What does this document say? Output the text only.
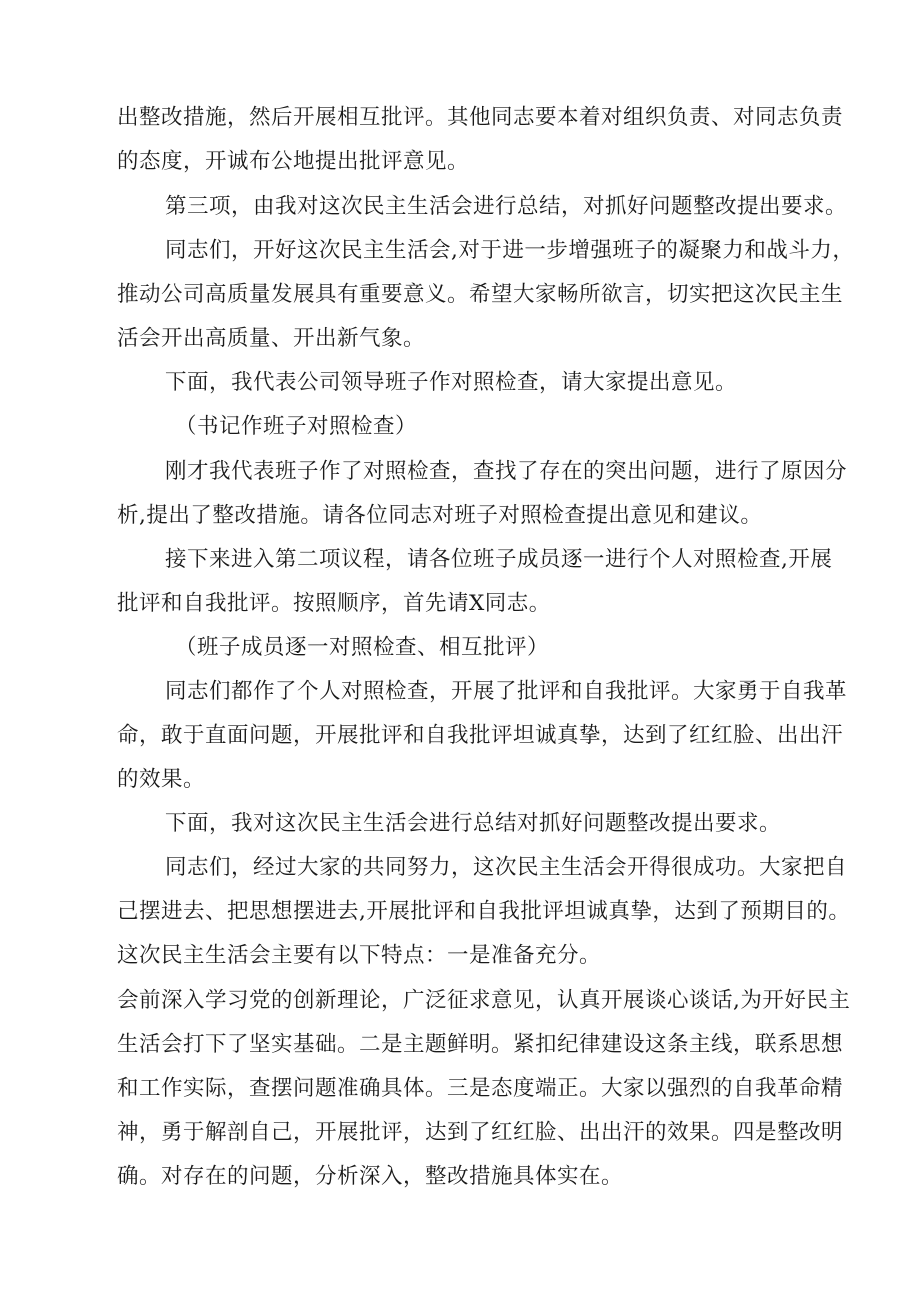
出整改措施，然后开展相互批评。其他同志要本着对组织负责、对同志负责
的态度，开诚布公地提出批评意见。
第三项，由我对这次民主生活会进行总结，对抓好问题整改提出要求。
同志们，开好这次民主生活会,对于进一步增强班子的凝聚力和战斗力，
推动公司高质量发展具有重要意义。希望大家畅所欲言，切实把这次民主生
活会开出高质量、开出新气象。
下面，我代表公司领导班子作对照检查，请大家提出意见。
（书记作班子对照检查）
刚才我代表班子作了对照检查，查找了存在的突出问题，进行了原因分
析,提出了整改措施。请各位同志对班子对照检查提出意见和建议。
接下来进入第二项议程，请各位班子成员逐一进行个人对照检查,开展
批评和自我批评。按照顺序，首先请X同志。
（班子成员逐一对照检查、相互批评）
同志们都作了个人对照检查，开展了批评和自我批评。大家勇于自我革
命，敢于直面问题，开展批评和自我批评坦诚真挚，达到了红红脸、出出汗
的效果。
下面，我对这次民主生活会进行总结对抓好问题整改提出要求。
同志们，经过大家的共同努力，这次民主生活会开得很成功。大家把自
己摆进去、把思想摆进去,开展批评和自我批评坦诚真挚，达到了预期目的。
这次民主生活会主要有以下特点：一是准备充分。
会前深入学习党的创新理论，广泛征求意见，认真开展谈心谈话,为开好民主
生活会打下了坚实基础。二是主题鲜明。紧扣纪律建设这条主线，联系思想
和工作实际，查摆问题准确具体。三是态度端正。大家以强烈的自我革命精
神，勇于解剖自己，开展批评，达到了红红脸、出出汗的效果。四是整改明
确。对存在的问题，分析深入，整改措施具体实在。
